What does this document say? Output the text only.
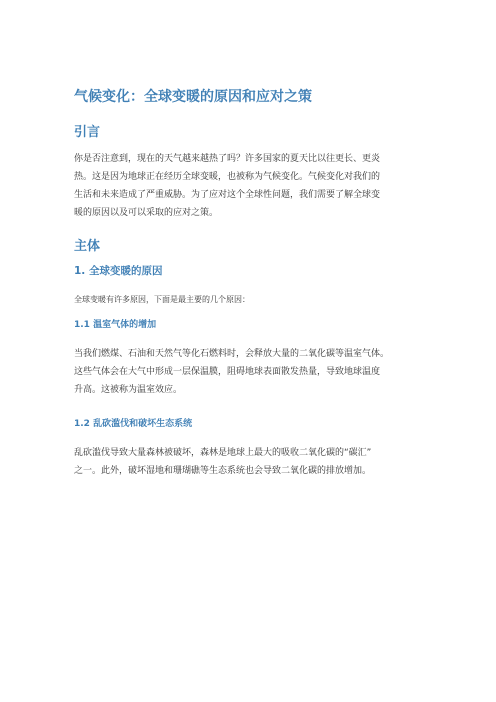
气候变化：全球变暖的原因和应对之策
引言
你是否注意到，现在的天气越来越热了吗？许多国家的夏天比以往更长、更炎
热。这是因为地球正在经历全球变暖，也被称为气候变化。气候变化对我们的
生活和未来造成了严重威胁。为了应对这个全球性问题，我们需要了解全球变
暖的原因以及可以采取的应对之策。
主体
1. 全球变暖的原因

全球变暖有许多原因，下面是最主要的几个原因：

1.1 温室气体的增加
当我们燃煤、石油和天然气等化石燃料时，会释放大量的二氧化碳等温室气体。
这些气体会在大气中形成一层保温膜，阻碍地球表面散发热量，导致地球温度
升高。这被称为温室效应。
1.2 乱砍滥伐和破坏生态系统
乱砍滥伐导致大量森林被破坏，森林是地球上最大的吸收二氧化碳的“碳汇”
之一。此外，破坏湿地和珊瑚礁等生态系统也会导致二氧化碳的排放增加。
